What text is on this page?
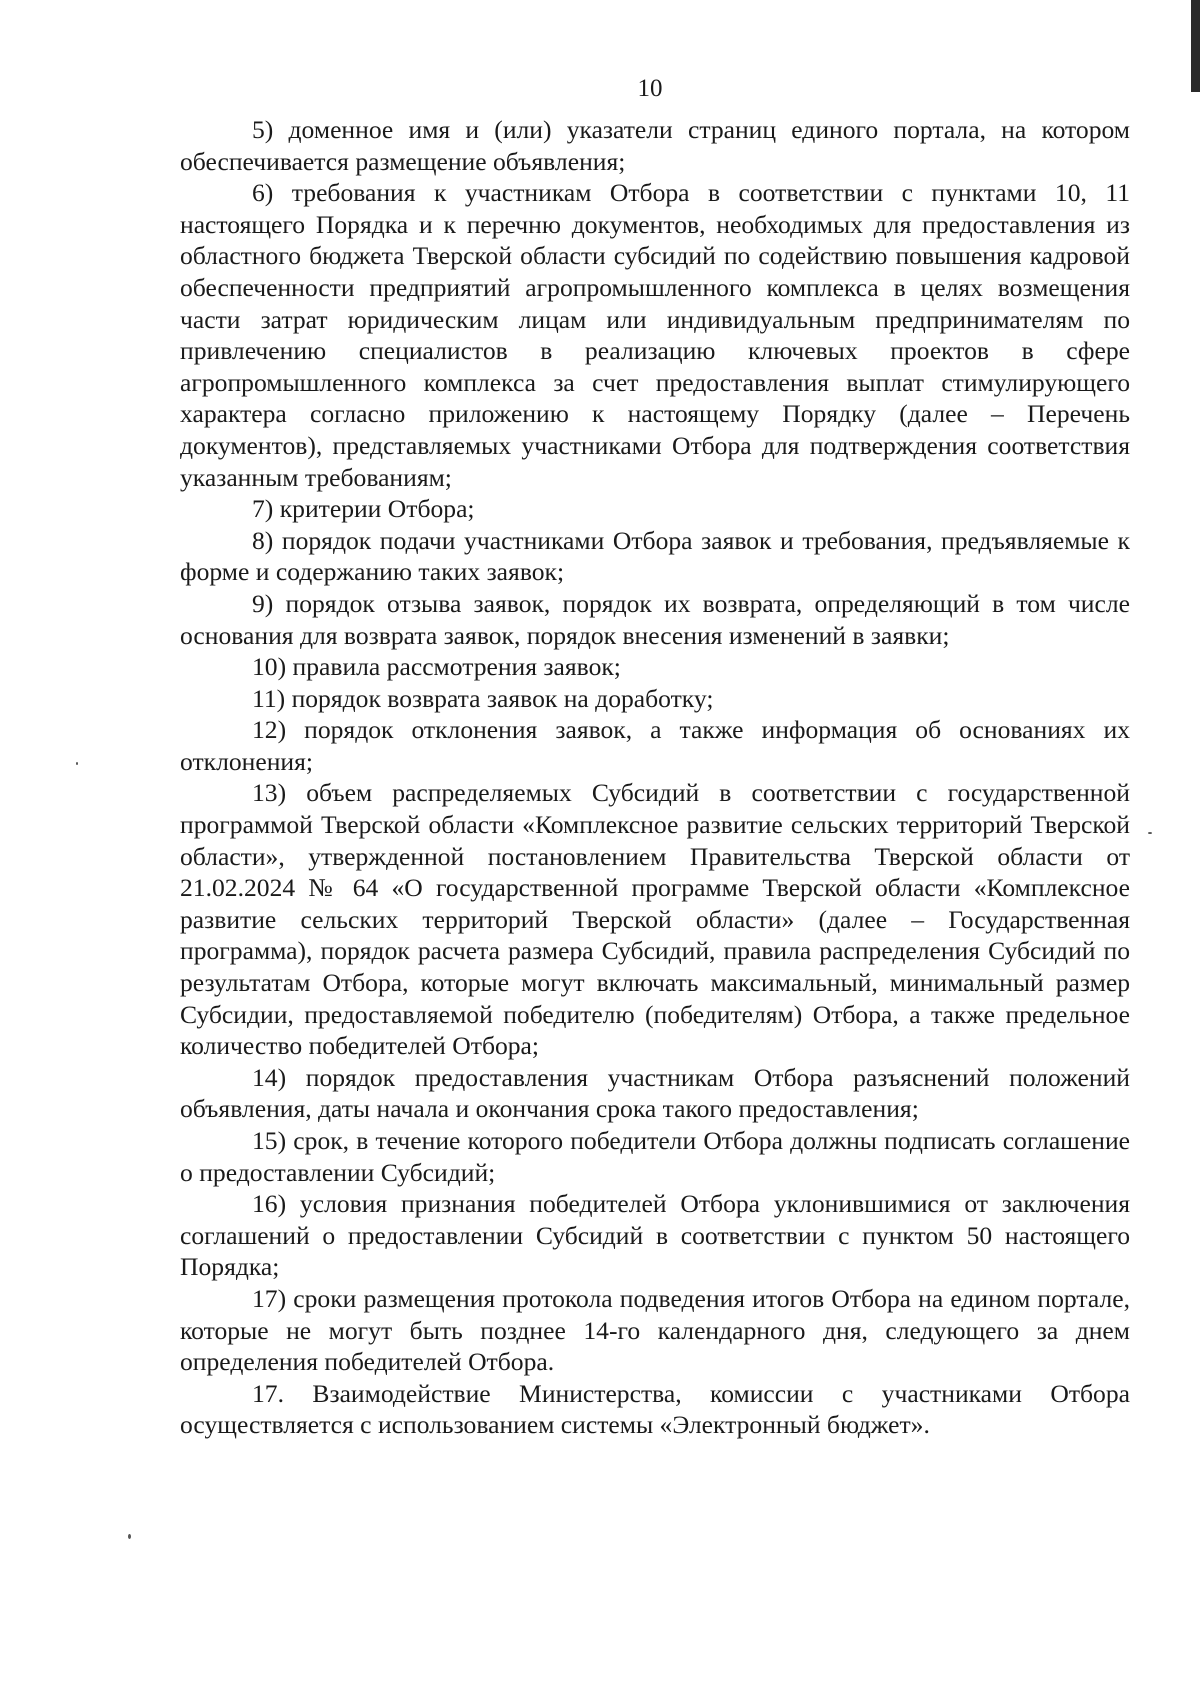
10

5) доменное имя и (или) указатели страниц единого портала, на котором обеспечивается размещение объявления;

6) требования к участникам Отбора в соответствии с пунктами 10, 11 настоящего Порядка и к перечню документов, необходимых для предоставления из областного бюджета Тверской области субсидий по содействию повышения кадровой обеспеченности предприятий агропромышленного комплекса в целях возмещения части затрат юридическим лицам или индивидуальным предпринимателям по привлечению специалистов в реализацию ключевых проектов в сфере агропромышленного комплекса за счет предоставления выплат стимулирующего характера согласно приложению к настоящему Порядку (далее – Перечень документов), представляемых участниками Отбора для подтверждения соответствия указанным требованиям;

7) критерии Отбора;

8) порядок подачи участниками Отбора заявок и требования, предъявляемые к форме и содержанию таких заявок;

9) порядок отзыва заявок, порядок их возврата, определяющий в том числе основания для возврата заявок, порядок внесения изменений в заявки;

10) правила рассмотрения заявок;

11) порядок возврата заявок на доработку;

12) порядок отклонения заявок, а также информация об основаниях их отклонения;

13) объем распределяемых Субсидий в соответствии с государственной программой Тверской области «Комплексное развитие сельских территорий Тверской области», утвержденной постановлением Правительства Тверской области от 21.02.2024 № 64 «О государственной программе Тверской области «Комплексное развитие сельских территорий Тверской области» (далее – Государственная программа), порядок расчета размера Субсидий, правила распределения Субсидий по результатам Отбора, которые могут включать максимальный, минимальный размер Субсидии, предоставляемой победителю (победителям) Отбора, а также предельное количество победителей Отбора;

14) порядок предоставления участникам Отбора разъяснений положений объявления, даты начала и окончания срока такого предоставления;

15) срок, в течение которого победители Отбора должны подписать соглашение о предоставлении Субсидий;

16) условия признания победителей Отбора уклонившимися от заключения соглашений о предоставлении Субсидий в соответствии с пунктом 50 настоящего Порядка;

17) сроки размещения протокола подведения итогов Отбора на едином портале, которые не могут быть позднее 14-го календарного дня, следующего за днем определения победителей Отбора.

17. Взаимодействие Министерства, комиссии с участниками Отбора осуществляется с использованием системы «Электронный бюджет».
